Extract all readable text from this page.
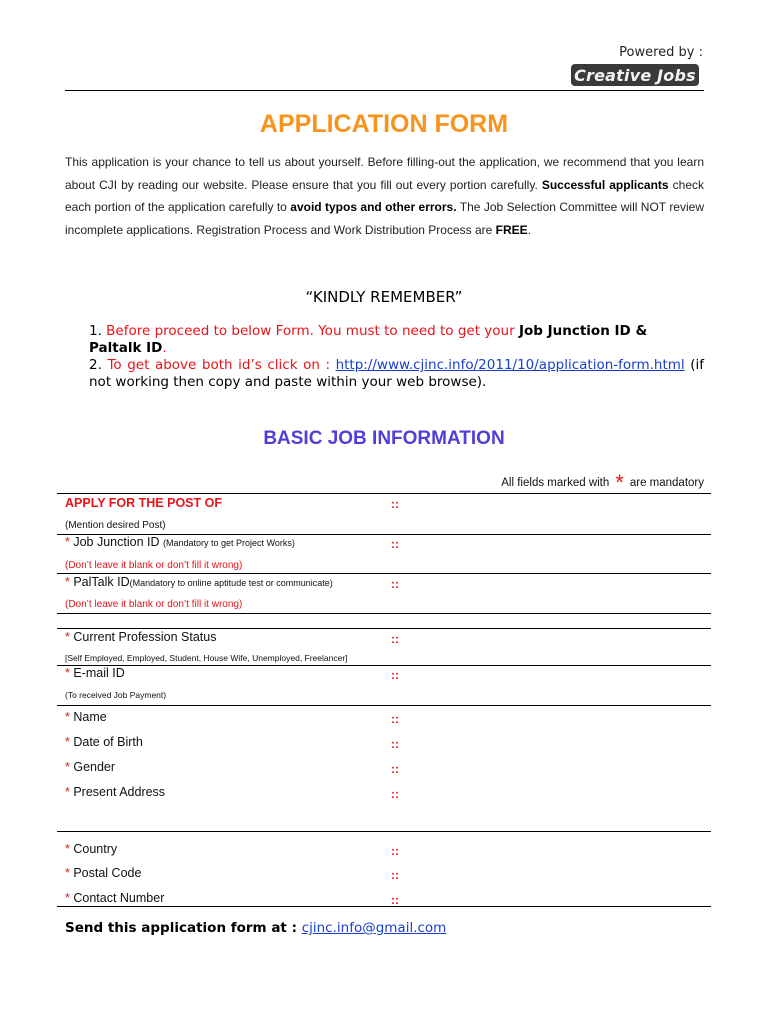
Powered by :
Creative Jobs
APPLICATION FORM
This application is your chance to tell us about yourself. Before filling-out the application, we recommend that you learn about CJI by reading our website. Please ensure that you fill out every portion carefully. Successful applicants check each portion of the application carefully to avoid typos and other errors. The Job Selection Committee will NOT review incomplete applications. Registration Process and Work Distribution Process are FREE.
“KINDLY REMEMBER”
1. Before proceed to below Form. You must to need to get your Job Junction ID & Paltalk ID.
2. To get above both id’s click on : http://www.cjinc.info/2011/10/application-form.html (if not working then copy and paste within your web browse).
BASIC JOB INFORMATION
All fields marked with * are mandatory
APPLY FOR THE POST OF	::
(Mention desired Post)
* Job Junction ID (Mandatory to get Project Works)	::
(Don’t leave it blank or don’t fill it wrong)
* PalTalk ID(Mandatory to online aptitude test or communicate)	::
(Don’t leave it blank or don’t fill it wrong)
* Current Profession Status	::
[Self Employed, Employed, Student, House Wife, Unemployed, Freelancer]
* E-mail ID	::
(To received Job Payment)
* Name	::
* Date of Birth	::
* Gender	::
* Present Address	::
* Country	::
* Postal Code	::
* Contact Number	::
Send this application form at : cjinc.info@gmail.com
